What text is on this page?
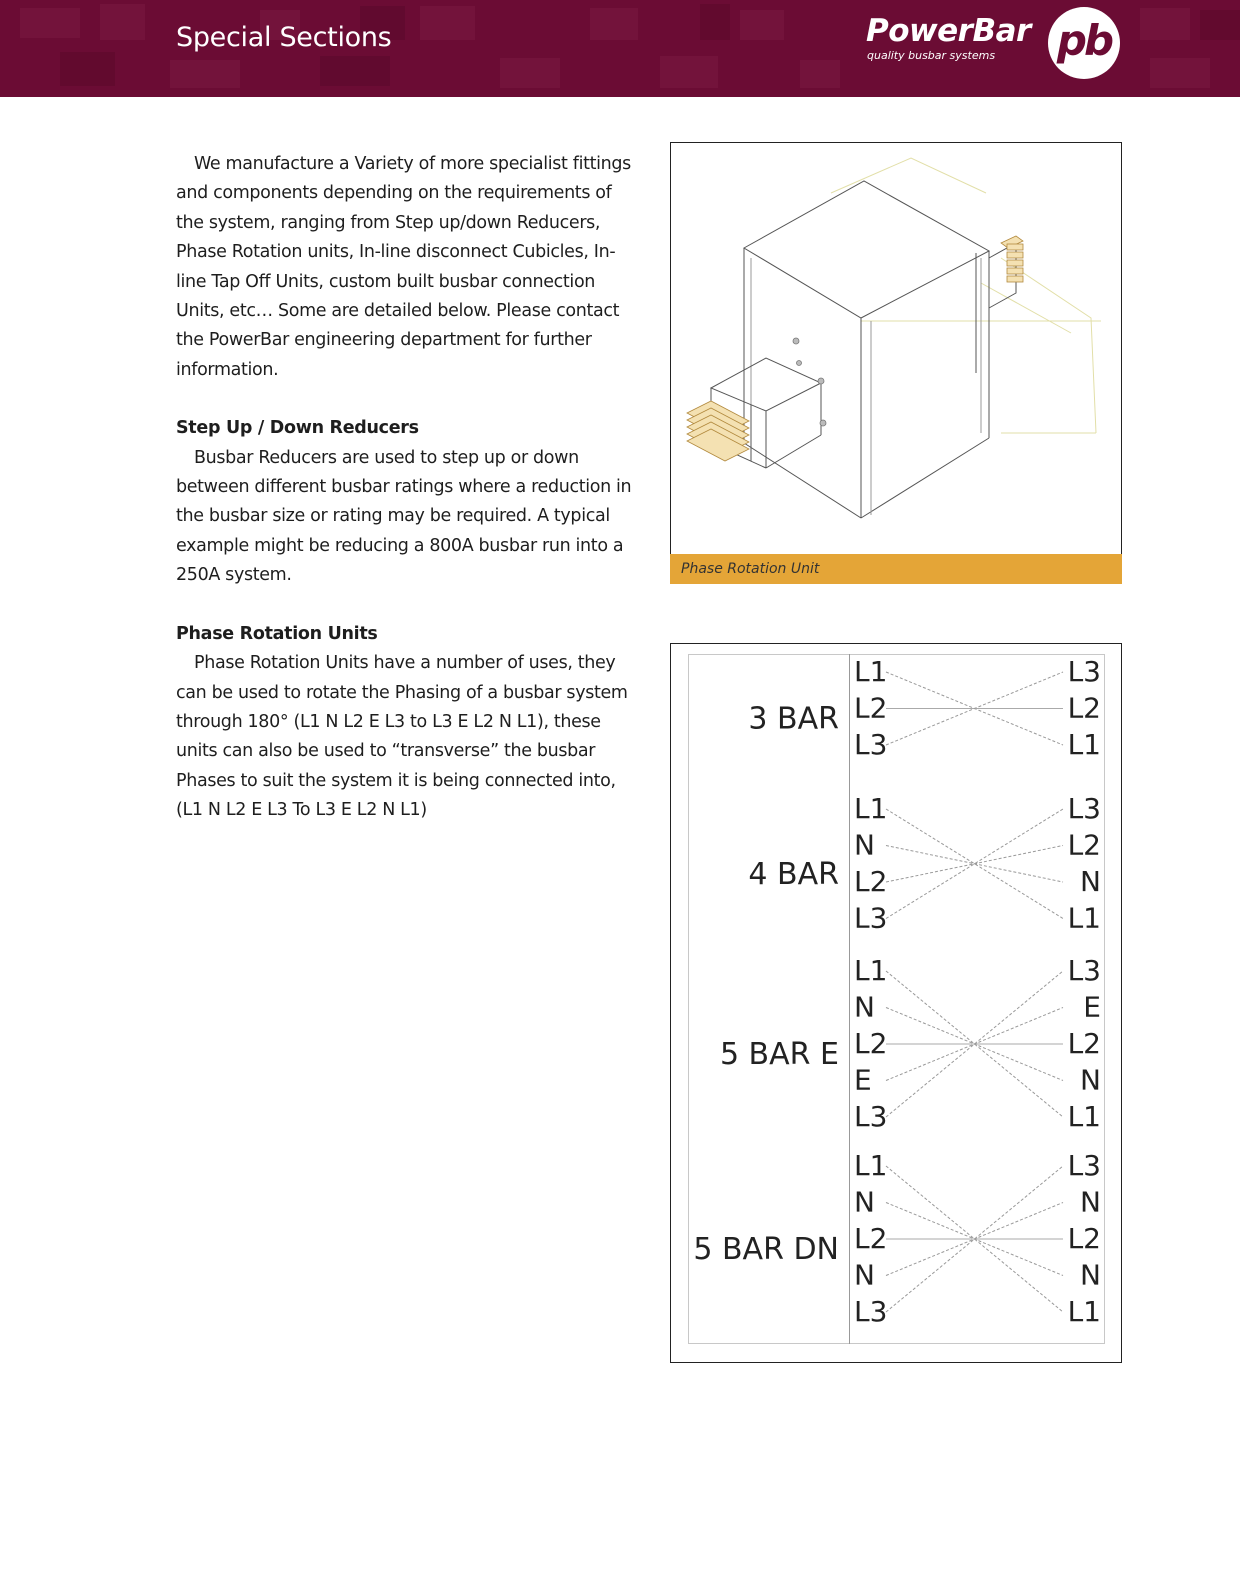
Special Sections	PowerBar
quality busbar systems	pb

We manufacture a Variety of more specialist fittings and components depending on the requirements of the system, ranging from Step up/down Reducers, Phase Rotation units, In-line disconnect Cubicles, In-line Tap Off Units, custom built busbar connection Units, etc… Some are detailed below. Please contact the PowerBar engineering department for further information.

Step Up / Down Reducers

Busbar Reducers are used to step up or down between different busbar ratings where a reduction in the busbar size or rating may be required. A typical example might be reducing a 800A busbar run into a 250A system.

Phase Rotation Units

Phase Rotation Units have a number of uses, they can be used to rotate the Phasing of a busbar system through 180° (L1 N L2 E L3 to L3 E L2 N L1), these units can also be used to “transverse” the busbar Phases to suit the system it is being connected into, (L1 N L2 E L3 To L3 E L2 N L1)

Phase Rotation Unit
3 BAR
L1
L2
L3
L3
L2
L1
4 BAR
L1
N
L2
L3
L3
L2
N
L1
5 BAR E
L1
N
L2
E
L3
L3
E
L2
N
L1
5 BAR DN
L1
N
L2
N
L3
L3
N
L2
N
L1
